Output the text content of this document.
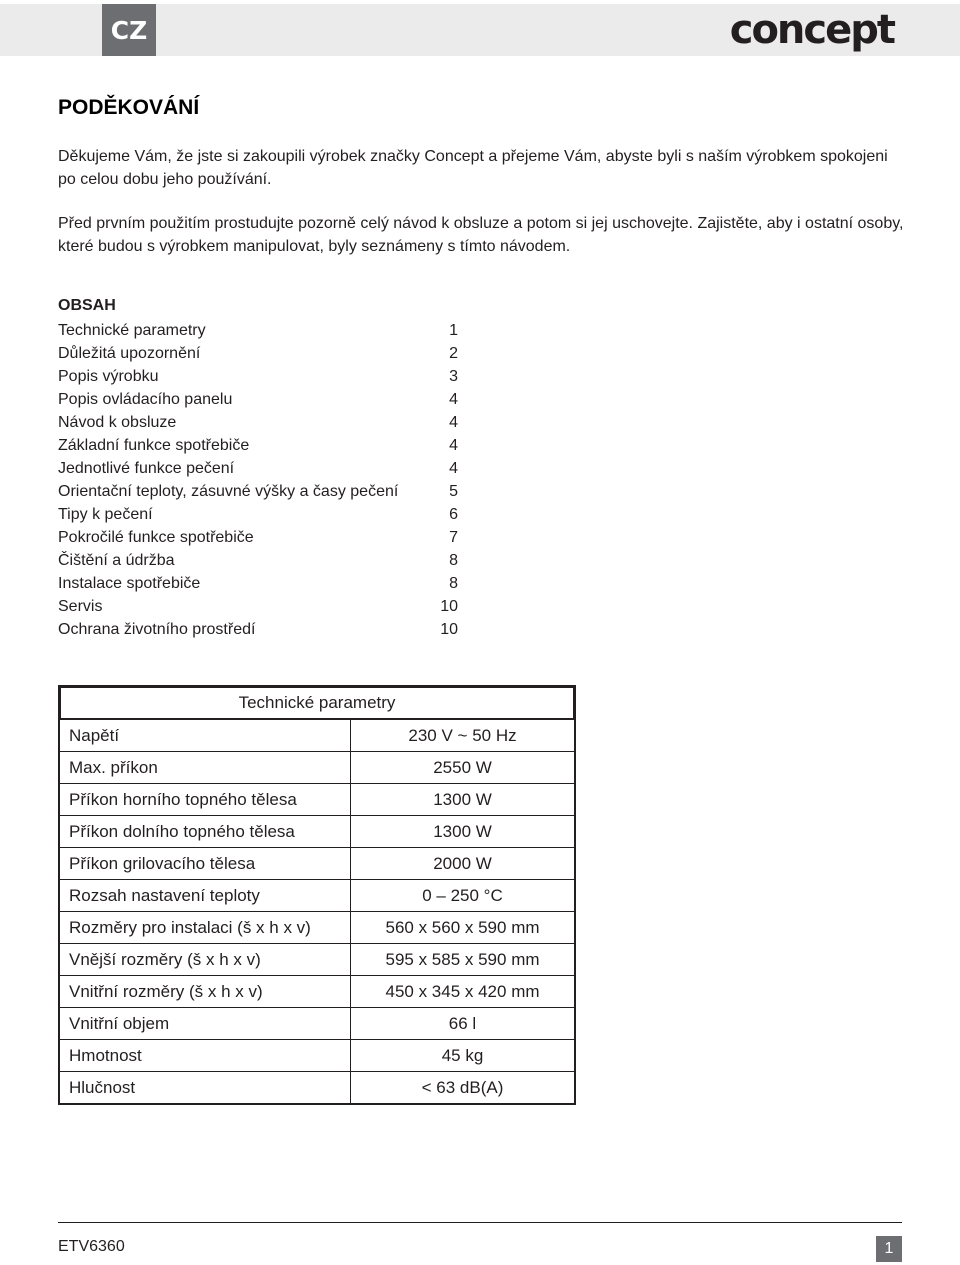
CZ	concept
PODĚKOVÁNÍ

Děkujeme Vám, že jste si zakoupili výrobek značky Concept a přejeme Vám, abyste byli s naším výrobkem spokojeni po celou dobu jeho používání.

Před prvním použitím prostudujte pozorně celý návod k obsluze a potom si jej uschovejte. Zajistěte, aby i ostatní osoby, které budou s výrobkem manipulovat, byly seznámeny s tímto návodem.

OBSAH
Technické parametry	1
Důležitá upozornění	2
Popis výrobku	3
Popis ovládacího panelu	4
Návod k obsluze	4
Základní funkce spotřebiče	4
Jednotlivé funkce pečení	4
Orientační teploty, zásuvné výšky a časy pečení	5
Tipy k pečení	6
Pokročilé funkce spotřebiče	7
Čištění a údržba	8
Instalace spotřebiče	8
Servis	10
Ochrana životního prostředí	10
Technické parametry	
Napětí	230 V ~ 50 Hz
Max. příkon	2550 W
Příkon horního topného tělesa	1300 W
Příkon dolního topného tělesa	1300 W
Příkon grilovacího tělesa	2000 W
Rozsah nastavení teploty	0 – 250 °C
Rozměry pro instalaci (š x h x v)	560 x 560 x 590 mm
Vnější rozměry (š x h x v)	595 x 585 x 590 mm
Vnitřní rozměry (š x h x v)	450 x 345 x 420 mm
Vnitřní objem	66 l
Hmotnost	45 kg
Hlučnost	< 63 dB(A)
ETV6360	1
